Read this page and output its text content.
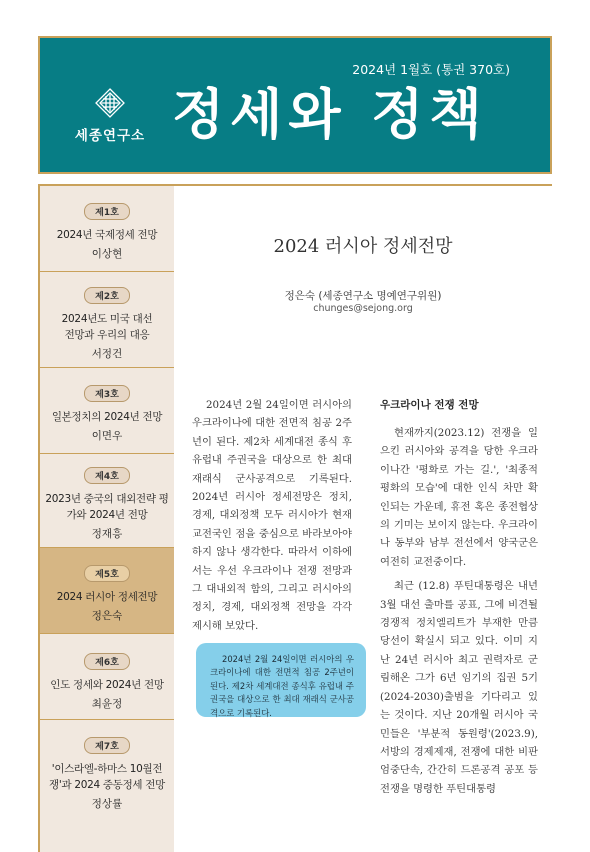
2024년 1월호 (통권 370호)
세종연구소 정세와 정책
제1호
2024년 국제정세 전망
이상현
제2호
2024년도 미국 대선 전망과 우리의 대응
서정건
제3호
일본정치의 2024년 전망
이면우
제4호
2023년 중국의 대외전략 평가와 2024년 전망
정재흥
제5호
2024 러시아 정세전망
정은숙
제6호
인도 정세와 2024년 전망
최윤정
제7호
'이스라엘-하마스 10월전쟁'과 2024 중동정세 전망
정상률
2024 러시아 정세전망
정은숙 (세종연구소 명예연구위원)
chunges@sejong.org

2024년 2월 24일이면 러시아의 우크라이나에 대한 전면적 침공 2주년이 된다. 제2차 세계대전 종식 후 유럽내 주권국을 대상으로 한 최대 재래식 군사공격으로 기록된다. 2024년 러시아 정세전망은 정치, 경제, 대외정책 모두 러시아가 현재 교전국인 점을 중심으로 바라보아야 하지 않나 생각한다. 따라서 이하에서는 우선 우크라이나 전쟁 전망과 그 대내외적 함의, 그리고 러시아의 정치, 경제, 대외정책 전망을 각각 제시해 보았다.

2024년 2월 24일이면 러시아의 우크라이나에 대한 전면적 침공 2주년이 된다. 제2차 세계대전 종식후 유럽내 주권국을 대상으로 한 최대 재래식 군사공격으로 기록된다.
우크라이나 전쟁 전망

현재까지(2023.12) 전쟁을 일으킨 러시아와 공격을 당한 우크라이나간 '평화로 가는 길.', '최종적 평화의 모습'에 대한 인식 차만 확인되는 가운데, 휴전 혹은 종전협상의 기미는 보이지 않는다. 우크라이나 동부와 남부 전선에서 양국군은 여전히 교전중이다.

최근 (12.8) 푸틴대통령은 내년 3월 대선 출마를 공표, 그에 비견될 경쟁적 정치엘리트가 부재한 만큼 당선이 확실시 되고 있다. 이미 지난 24년 러시아 최고 권력자로 군림해온 그가 6년 임기의 집권 5기(2024-2030)출범을 기다리고 있는 것이다. 지난 20개월 러시아 국민들은 '부분적 동원령'(2023.9), 서방의 경제제재, 전쟁에 대한 비판 엄중단속, 간간히 드론공격 공포 등 전쟁을 명령한 푸틴대통령
